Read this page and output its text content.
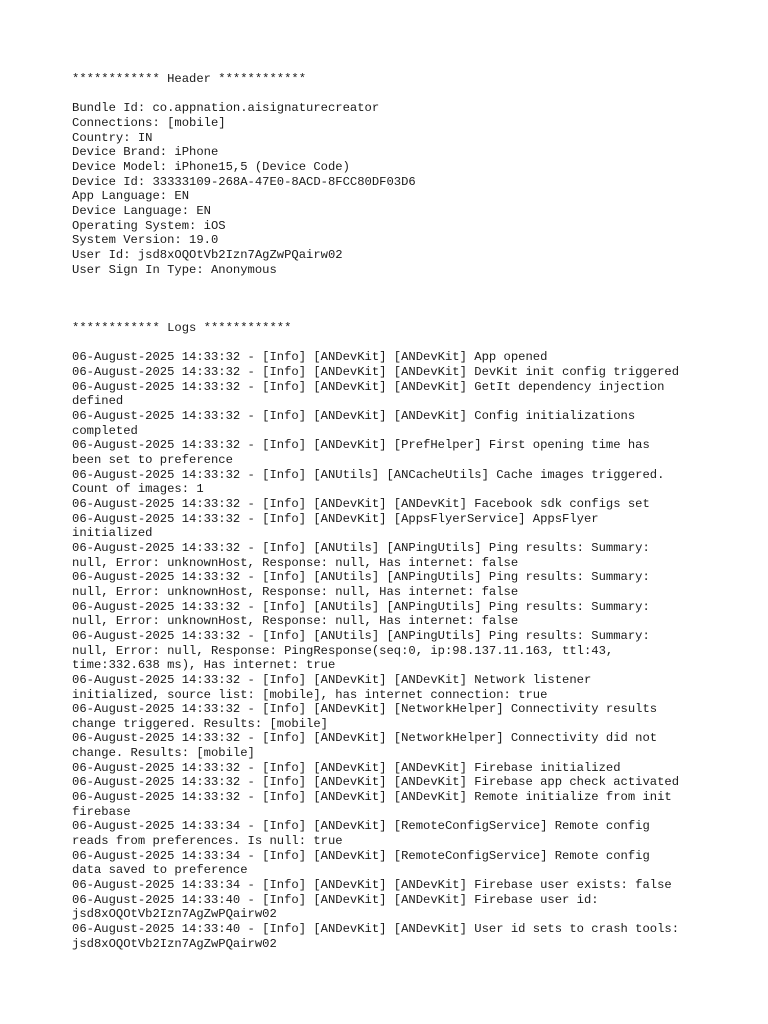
************ Header ************

Bundle Id: co.appnation.aisignaturecreator

Connections: [mobile]

Country: IN

Device Brand: iPhone

Device Model: iPhone15,5 (Device Code)

Device Id: 33333109-268A-47E0-8ACD-8FCC80DF03D6

App Language: EN

Device Language: EN

Operating System: iOS

System Version: 19.0

User Id: jsd8xOQOtVb2Izn7AgZwPQairw02

User Sign In Type: Anonymous

************ Logs ************

06-August-2025 14:33:32 - [Info] [ANDevKit] [ANDevKit] App opened

06-August-2025 14:33:32 - [Info] [ANDevKit] [ANDevKit] DevKit init config triggered

06-August-2025 14:33:32 - [Info] [ANDevKit] [ANDevKit] GetIt dependency injection

defined

06-August-2025 14:33:32 - [Info] [ANDevKit] [ANDevKit] Config initializations

completed

06-August-2025 14:33:32 - [Info] [ANDevKit] [PrefHelper] First opening time has

been set to preference

06-August-2025 14:33:32 - [Info] [ANUtils] [ANCacheUtils] Cache images triggered.

Count of images: 1

06-August-2025 14:33:32 - [Info] [ANDevKit] [ANDevKit] Facebook sdk configs set

06-August-2025 14:33:32 - [Info] [ANDevKit] [AppsFlyerService] AppsFlyer

initialized

06-August-2025 14:33:32 - [Info] [ANUtils] [ANPingUtils] Ping results: Summary:

null, Error: unknownHost, Response: null, Has internet: false

06-August-2025 14:33:32 - [Info] [ANUtils] [ANPingUtils] Ping results: Summary:

null, Error: unknownHost, Response: null, Has internet: false

06-August-2025 14:33:32 - [Info] [ANUtils] [ANPingUtils] Ping results: Summary:

null, Error: unknownHost, Response: null, Has internet: false

06-August-2025 14:33:32 - [Info] [ANUtils] [ANPingUtils] Ping results: Summary:

null, Error: null, Response: PingResponse(seq:0, ip:98.137.11.163, ttl:43,

time:332.638 ms), Has internet: true

06-August-2025 14:33:32 - [Info] [ANDevKit] [ANDevKit] Network listener

initialized, source list: [mobile], has internet connection: true

06-August-2025 14:33:32 - [Info] [ANDevKit] [NetworkHelper] Connectivity results

change triggered. Results: [mobile]

06-August-2025 14:33:32 - [Info] [ANDevKit] [NetworkHelper] Connectivity did not

change. Results: [mobile]

06-August-2025 14:33:32 - [Info] [ANDevKit] [ANDevKit] Firebase initialized

06-August-2025 14:33:32 - [Info] [ANDevKit] [ANDevKit] Firebase app check activated

06-August-2025 14:33:32 - [Info] [ANDevKit] [ANDevKit] Remote initialize from init

firebase

06-August-2025 14:33:34 - [Info] [ANDevKit] [RemoteConfigService] Remote config

reads from preferences. Is null: true

06-August-2025 14:33:34 - [Info] [ANDevKit] [RemoteConfigService] Remote config

data saved to preference

06-August-2025 14:33:34 - [Info] [ANDevKit] [ANDevKit] Firebase user exists: false

06-August-2025 14:33:40 - [Info] [ANDevKit] [ANDevKit] Firebase user id:

jsd8xOQOtVb2Izn7AgZwPQairw02

06-August-2025 14:33:40 - [Info] [ANDevKit] [ANDevKit] User id sets to crash tools:

jsd8xOQOtVb2Izn7AgZwPQairw02
